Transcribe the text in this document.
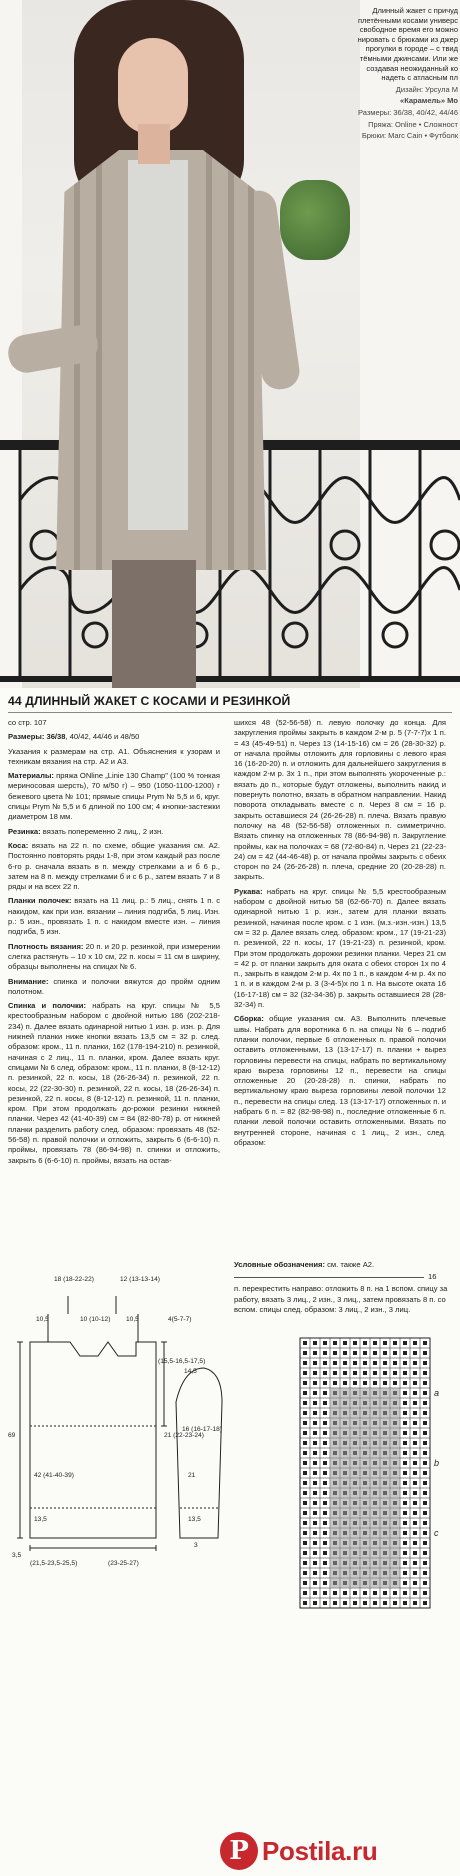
Длинный жакет с причуд
плетёнными косами универс
свободное время его можно
нировать с брюками из джер
прогулки в городе – с твид
тёмными джинсами. Или же
создавая неожиданный ко
надеть с атласным пл
Дизайн: Урсула М
«Карамель» Мо
Размеры: 36/38, 40/42, 44/46
Пряжа: Online • Сложност
Брюки: Marc Cain • Футболк
44 ДЛИННЫЙ ЖАКЕТ С КОСАМИ И РЕЗИНКОЙ

со стр. 107

Размеры: 36/38, 40/42, 44/46 и 48/50

Указания к размерам на стр. А1. Объяснения к узорам и техникам вязания на стр. А2 и А3.

Материалы: пряжа ONline „Linie 130 Champ" (100 % тонкая мериносовая шерсть), 70 м/50 г) – 950 (1050-1100-1200) г бежевого цвета № 101; прямые спицы Prym № 5,5 и 6, круг. спицы Prym № 5,5 и 6 длиной по 100 см; 4 кнопки-застежки диаметром 18 мм.

Резинка: вязать попеременно 2 лиц., 2 изн.

Коса: вязать на 22 п. по схеме, общие указания см. А2. Постоянно повторять ряды 1-8, при этом каждый раз после 6-го р. сначала вязать в п. между стрелками а и б 6 р., затем на 8 п. между стрелками б и с 6 р., затем вязать 7 и 8 ряды и на всех 22 п.

Планки полочек: вязать на 11 лиц. р.: 5 лиц., снять 1 п. с накидом, как при изн. вязании – линия подгиба, 5 лиц. Изн. р.: 5 изн., провязать 1 п. с накидом вместе изн. – линия подгиба, 5 изн.

Плотность вязания: 20 п. и 20 р. резинкой, при измерении слегка растянуть – 10 х 10 см, 22 п. косы = 11 см в ширину, образцы выполнены на спицах № 6.

Внимание: спинка и полочки вяжутся до пройм одним полотном.

Спинка и полочки: набрать на круг. спицы № 5,5 крестообразным набором с двойной нитью 186 (202-218-234) п. Далее вязать одинарной нитью 1 изн. р. изн. р. Для нижней планки ниже кнопки вязать 13,5 см = 32 р. след. образом: кром., 11 п. планки, 162 (178-194-210) п. резинкой, начиная с 2 лиц., 11 п. планки, кром. Далее вязать круг. спицами № 6 след. образом: кром., 11 п. планки, 8 (8-12-12) п. резинкой, 22 п. косы, 18 (26-26-34) п. резинкой, 22 п. косы, 22 (22-30-30) п. резинкой, 22 п. косы, 18 (26-26-34) п. резинкой, 22 п. косы, 8 (8-12-12) п. резинкой, 11 п. планки, кром. При этом продолжать до-рожки резинки нижней планки. Через 42 (41-40-39) см = 84 (82-80-78) р. от нижней планки разделить работу след. образом: провязать 48 (52-56-58) п. правой полочки и отложить, закрыть 6 (6-6-10) п. проймы, провязать 78 (86-94-98) п. спинки и отложить, закрыть 6 (6-6-10) п. проймы, вязать на остав-

шихся 48 (52-56-58) п. левую полочку до конца. Для закругления проймы закрыть в каждом 2-м р. 5 (7-7-7)х 1 п. = 43 (45-49-51) п. Через 13 (14-15-16) см = 26 (28-30-32) р. от начала проймы отложить для горловины с левого края 16 (16-20-20) п. и отложить для дальнейшего закругления в каждом 2-м р. 3х 1 п., при этом выполнять укороченные р.: вязать до п., которые будут отложены, выполнить накид и повернуть полотно, вязать в обратном направлении. Накид поворота откладывать вместе с п. Через 8 см = 16 р. закрыть оставшиеся 24 (26-26-28) п. плеча. Вязать правую полочку на 48 (52-56-58) отложенных п. симметрично. Вязать спинку на отложенных 78 (86-94-98) п. Закругление проймы, как на полочках = 68 (72-80-84) п. Через 21 (22-23-24) см = 42 (44-46-48) р. от начала проймы закрыть с обеих сторон по 24 (26-26-28) п. плеча, средние 20 (20-28-28) п. закрыть.

Рукава: набрать на круг. спицы № 5,5 крестообразным набором с двойной нитью 58 (62-66-70) п. Далее вязать одинарной нитью 1 р. изн., затем для планки вязать резинкой, начиная после кром. с 1 изн. (м.з.-изн.-изн.) 13,5 см = 32 р. Далее вязать след. образом: кром., 17 (19-21-23) п. резинкой, 22 п. косы, 17 (19-21-23) п. резинкой, кром. При этом продолжать дорожки резинки планки. Через 21 см = 42 р. от планки закрыть для оката с обеих сторон 1х по 4 п., закрыть в каждом 2-м р. 4х по 1 п., в каждом 4-м р. 4х по 1 п. и в каждом 2-м р. 3 (3-4-5)х по 1 п. На высоте оката 16 (16-17-18) см = 32 (32-34-36) р. закрыть оставшиеся 28 (28-32-34) п.

Сборка: общие указания см. А3. Выполнить плечевые швы. Набрать для воротника 6 п. на спицы № 6 – подгиб планки полочки, первые 6 отложенных п. правой полочки оставить отложенными, 13 (13-17-17) п. планки + вырез горловины перевести на спицы, набрать по вертикальному краю выреза горловины 12 п., перевести на спицы отложенные 20 (20-28-28) п. спинки, набрать по вертикальному краю выреза горловины левой полочки 12 п., перевести на спицы след. 13 (13-17-17) отложенных п. и набрать 6 п. = 82 (82-98-98) п., последние отложенные 6 п. планки левой полочки оставить отложенными. Вязать по внутренней стороне, начиная с 1 лиц., 2 изн., след. образом:

Условные обозначения: см. также А2.
16
п. перекрестить направо: отложить 8 п. на 1 вспом. спицу за работу, вязать 3 лиц., 2 изн., 3 лиц., затем провязать 8 п. со вспом. спицы след. образом: 3 лиц., 2 изн., 3 лиц.
18 (18-22-22)	12 (13-13-14)
10,5	10 (10-12) 10,5	4(5-7-7)
21 (22-23-24)
69
42 (41-40-39)
13,5
3,5
(21,5-23,5-25,5)	(23-25-27)
(15,5-16,5-17,5)
14,5
16 (16-17-18)
21
13,5
3
a
b
c
P Postila.ru
